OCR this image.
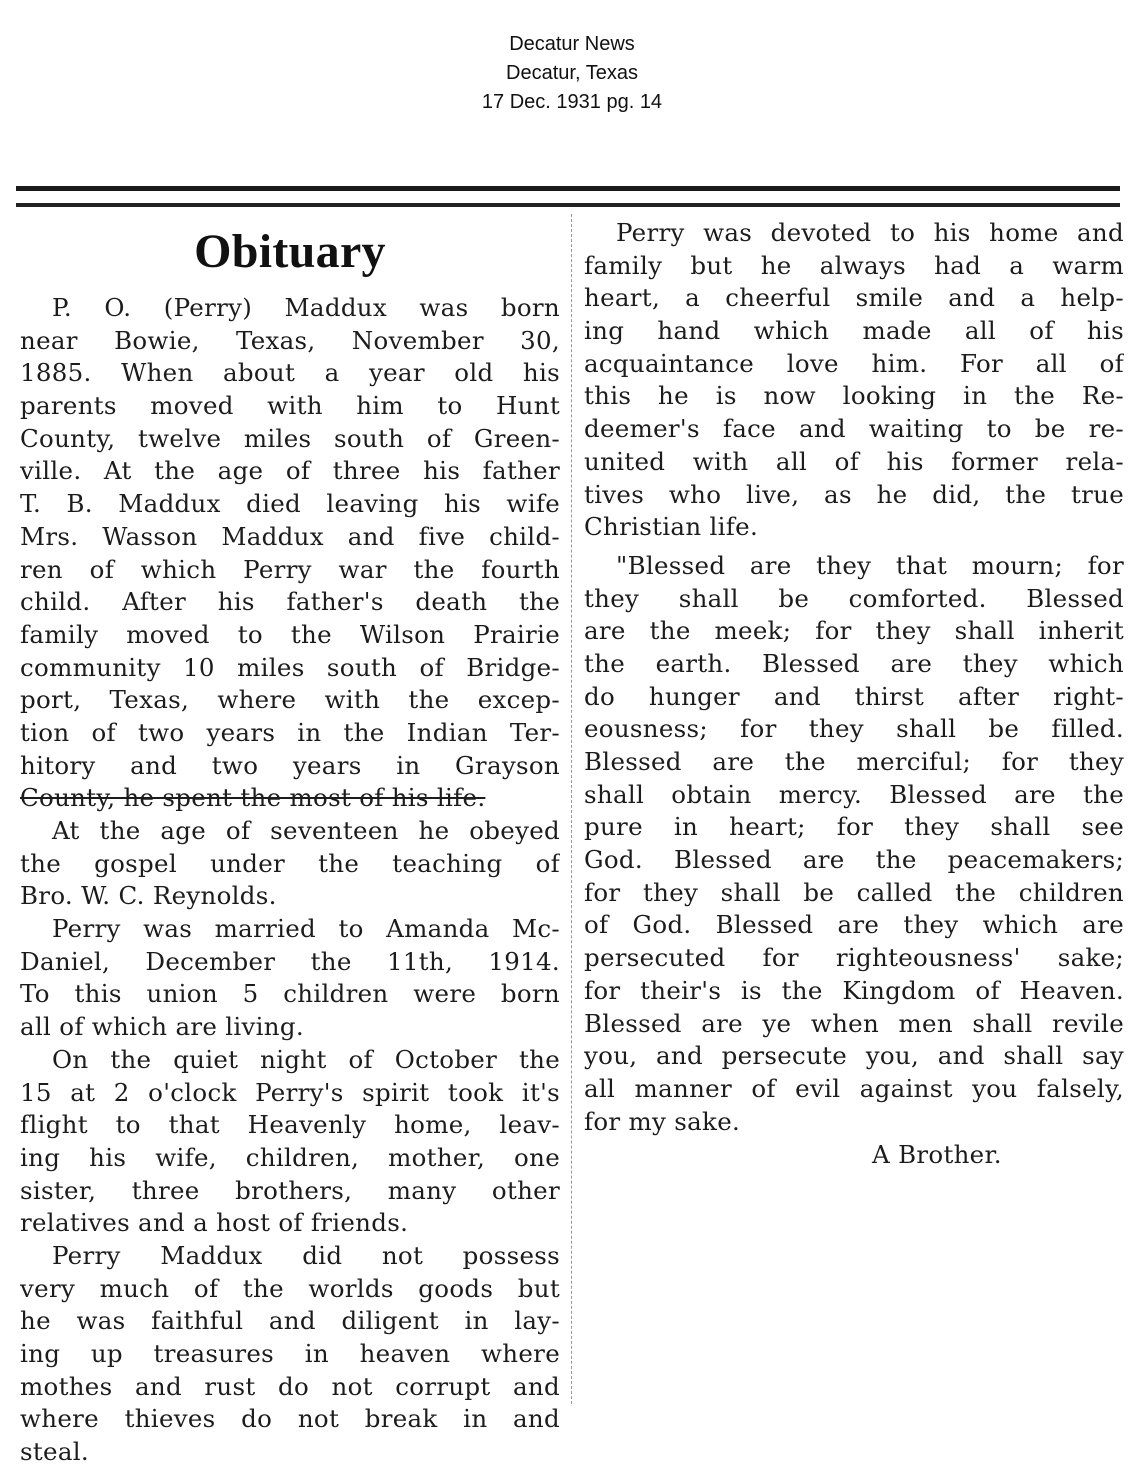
Decatur News
Decatur, Texas
17 Dec. 1931 pg. 14
Obituary
P. O. (Perry) Maddux was born
near Bowie, Texas, November 30,
1885. When about a year old his
parents moved with him to Hunt
County, twelve miles south of Green-
ville. At the age of three his father
T. B. Maddux died leaving his wife
Mrs. Wasson Maddux and five child-
ren of which Perry war the fourth
child. After his father's death the
family moved to the Wilson Prairie
community 10 miles south of Bridge-
port, Texas, where with the excep-
tion of two years in the Indian Ter-
hitory and two years in Grayson
County, he spent the most of his life.
At the age of seventeen he obeyed
the gospel under the teaching of
Bro. W. C. Reynolds.
Perry was married to Amanda Mc-
Daniel, December the 11th, 1914.
To this union 5 children were born
all of which are living.
On the quiet night of October the
15 at 2 o'clock Perry's spirit took it's
flight to that Heavenly home, leav-
ing his wife, children, mother, one
sister, three brothers, many other
relatives and a host of friends.
Perry Maddux did not possess
very much of the worlds goods but
he was faithful and diligent in lay-
ing up treasures in heaven where
mothes and rust do not corrupt and
where thieves do not break in and
steal.
Perry was devoted to his home and
family but he always had a warm
heart, a cheerful smile and a help-
ing hand which made all of his
acquaintance love him. For all of
this he is now looking in the Re-
deemer's face and waiting to be re-
united with all of his former rela-
tives who live, as he did, the true
Christian life.
"Blessed are they that mourn; for
they shall be comforted. Blessed
are the meek; for they shall inherit
the earth. Blessed are they which
do hunger and thirst after right-
eousness; for they shall be filled.
Blessed are the merciful; for they
shall obtain mercy. Blessed are the
pure in heart; for they shall see
God. Blessed are the peacemakers;
for they shall be called the children
of God. Blessed are they which are
persecuted for righteousness' sake;
for their's is the Kingdom of Heaven.
Blessed are ye when men shall revile
you, and persecute you, and shall say
all manner of evil against you falsely,
for my sake.
A Brother.
